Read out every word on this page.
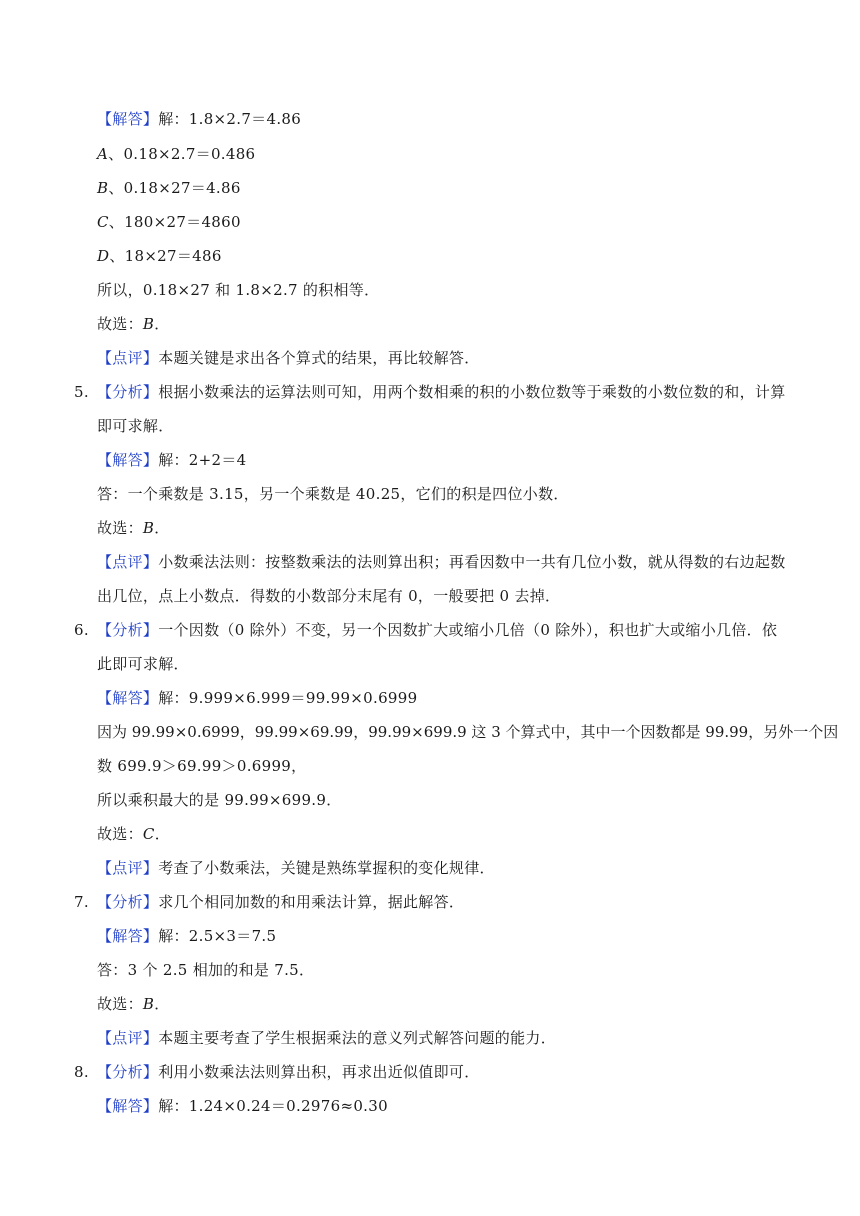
【解答】解：1.8×2.7＝4.86
A、0.18×2.7＝0.486
B、0.18×27＝4.86
C、180×27＝4860
D、18×27＝486
所以，0.18×27 和 1.8×2.7 的积相等．
故选：B．
【点评】本题关键是求出各个算式的结果，再比较解答．
5. 【分析】根据小数乘法的运算法则可知，用两个数相乘的积的小数位数等于乘数的小数位数的和，计算
即可求解．
【解答】解：2+2＝4
答：一个乘数是 3.15，另一个乘数是 40.25，它们的积是四位小数．
故选：B．
【点评】小数乘法法则：按整数乘法的法则算出积；再看因数中一共有几位小数，就从得数的右边起数
出几位，点上小数点．得数的小数部分末尾有 0，一般要把 0 去掉．
6. 【分析】一个因数（0 除外）不变，另一个因数扩大或缩小几倍（0 除外），积也扩大或缩小几倍．依
此即可求解．
【解答】解：9.999×6.999＝99.99×0.6999
因为 99.99×0.6999，99.99×69.99，99.99×699.9 这 3 个算式中，其中一个因数都是 99.99，另外一个因
数 699.9＞69.99＞0.6999，
所以乘积最大的是 99.99×699.9．
故选：C．
【点评】考查了小数乘法，关键是熟练掌握积的变化规律．
7. 【分析】求几个相同加数的和用乘法计算，据此解答．
【解答】解：2.5×3＝7.5
答：3 个 2.5 相加的和是 7.5．
故选：B．
【点评】本题主要考查了学生根据乘法的意义列式解答问题的能力．
8. 【分析】利用小数乘法法则算出积，再求出近似值即可．
【解答】解：1.24×0.24＝0.2976≈0.30
